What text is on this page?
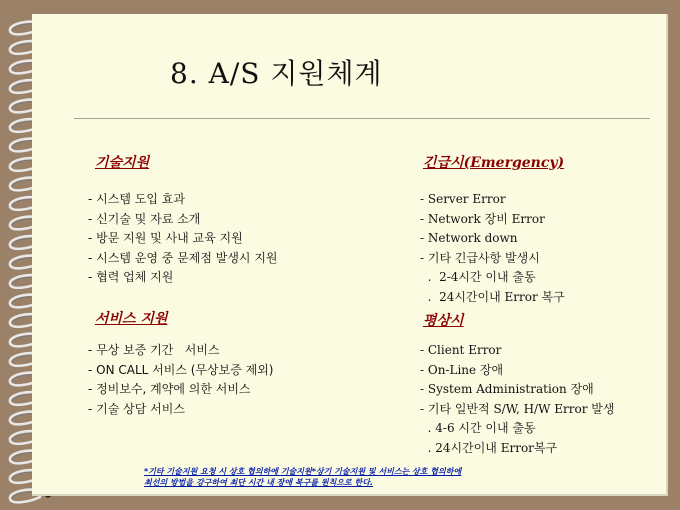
8. A/S 지원체계
기술지원
- 시스템 도입 효과
- 신기술 및 자료 소개
- 방문 지원 및 사내 교육 지원
- 시스템 운영 중 문제점 발생시 지원
- 협력 업체 지원
긴급시(Emergency)
- Server Error
- Network 장비 Error
- Network down
- 기타 긴급사항 발생시
.  2-4시간 이내 출동
.  24시간이내 Error 복구
서비스 지원
- 무상 보증 기간   서비스
- ON CALL 서비스 (무상보증 제외)
- 정비보수, 계약에 의한 서비스
- 기술 상담 서비스
평상시
- Client Error
- On-Line 장애
- System Administration 장애
- 기타 일반적 S/W, H/W Error 발생
. 4-6 시간 이내 출동
. 24시간이내 Error복구
*기타 기술지원 요청 시 상호 협의하에 기술지원*상기 기술지원 및 서비스는 상호 협의하에
최선의 방법을 강구하여 최단 시간 내 장애 복구를 원칙으로 한다.
